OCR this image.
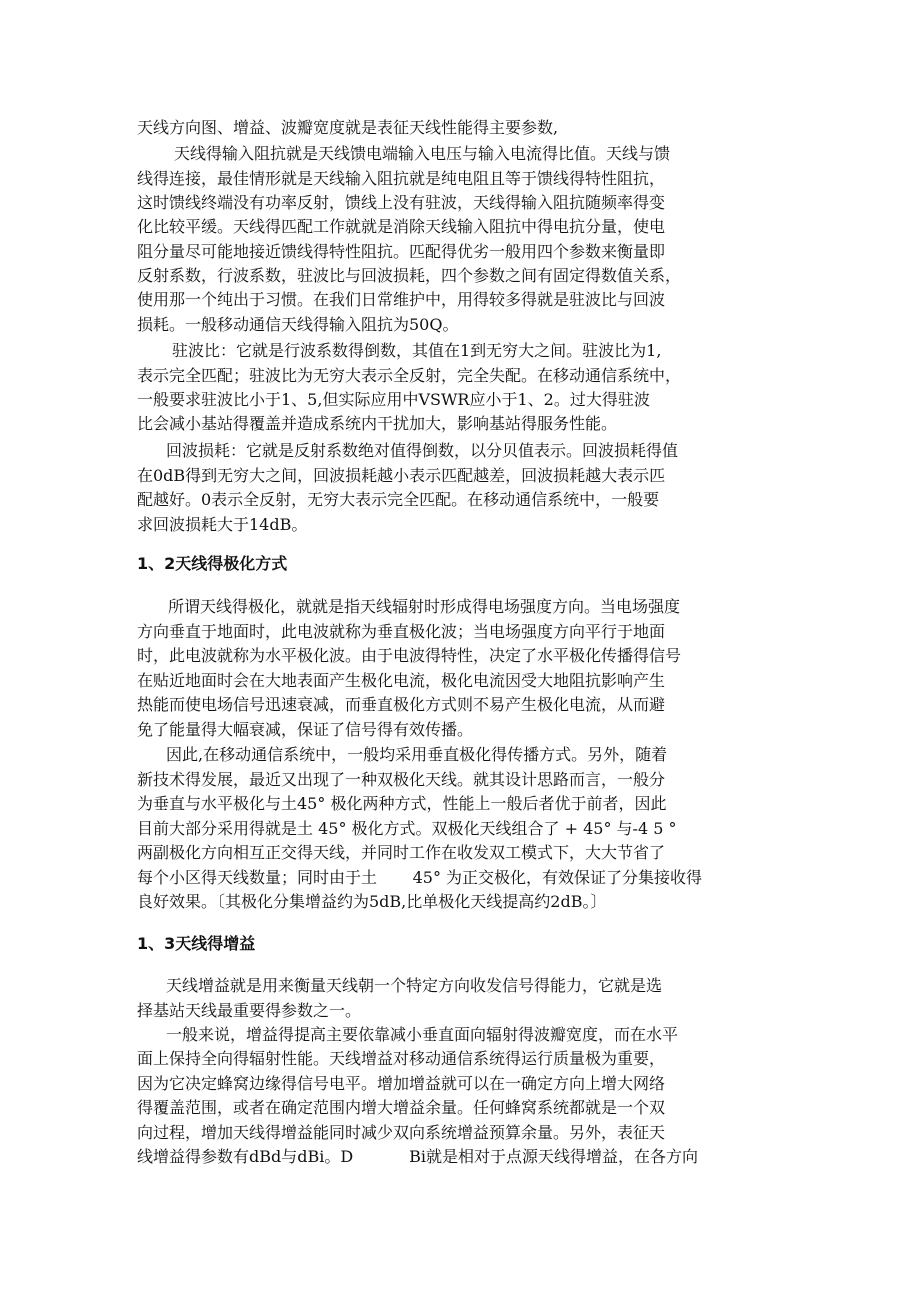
天线方向图、增益、波瓣宽度就是表征天线性能得主要参数,
天线得输入阻抗就是天线馈电端输入电压与输入电流得比值。天线与馈
线得连接，最佳情形就是天线输入阻抗就是纯电阻且等于馈线得特性阻抗，
这时馈线终端没有功率反射，馈线上没有驻波，天线得输入阻抗随频率得变
化比较平缓。天线得匹配工作就就是消除天线输入阻抗中得电抗分量，使电
阻分量尽可能地接近馈线得特性阻抗。匹配得优劣一般用四个参数来衡量即
反射系数，行波系数，驻波比与回波损耗，四个参数之间有固定得数值关系，
使用那一个纯出于习惯。在我们日常维护中，用得较多得就是驻波比与回波
损耗。一般移动通信天线得输入阻抗为50Q。
驻波比：它就是行波系数得倒数，其值在1到无穷大之间。驻波比为1,
表示完全匹配；驻波比为无穷大表示全反射，完全失配。在移动通信系统中，
一般要求驻波比小于1、5,但实际应用中VSWR应小于1、2。过大得驻波
比会减小基站得覆盖并造成系统内干扰加大，影响基站得服务性能。
回波损耗：它就是反射系数绝对值得倒数，以分贝值表示。回波损耗得值
在0dB得到无穷大之间，回波损耗越小表示匹配越差，回波损耗越大表示匹
配越好。0表示全反射，无穷大表示完全匹配。在移动通信系统中，一般要
求回波损耗大于14dB。
1、2天线得极化方式
所谓天线得极化，就就是指天线辐射时形成得电场强度方向。当电场强度
方向垂直于地面时，此电波就称为垂直极化波；当电场强度方向平行于地面
时，此电波就称为水平极化波。由于电波得特性，决定了水平极化传播得信号
在贴近地面时会在大地表面产生极化电流，极化电流因受大地阻抗影响产生
热能而使电场信号迅速衰减，而垂直极化方式则不易产生极化电流，从而避
免了能量得大幅衰减，保证了信号得有效传播。
因此,在移动通信系统中，一般均采用垂直极化得传播方式。另外，随着
新技术得发展，最近又出现了一种双极化天线。就其设计思路而言，一般分
为垂直与水平极化与土45° 极化两种方式，性能上一般后者优于前者，因此
目前大部分采用得就是土 45° 极化方式。双极化天线组合了 + 45° 与-4 5 °
两副极化方向相互正交得天线，并同时工作在收发双工模式下，大大节省了
每个小区得天线数量；同时由于土       45° 为正交极化，有效保证了分集接收得
良好效果。〔其极化分集增益约为5dB,比单极化天线提高约2dB。〕
1、3天线得增益
天线增益就是用来衡量天线朝一个特定方向收发信号得能力，它就是选
择基站天线最重要得参数之一。
一般来说，增益得提高主要依靠减小垂直面向辐射得波瓣宽度，而在水平
面上保持全向得辐射性能。天线增益对移动通信系统得运行质量极为重要，
因为它决定蜂窝边缘得信号电平。增加增益就可以在一确定方向上增大网络
得覆盖范围，或者在确定范围内增大增益余量。任何蜂窝系统都就是一个双
向过程，增加天线得增益能同时减少双向系统增益预算余量。另外，表征天
线增益得参数有dBd与dBi。D           Bi就是相对于点源天线得增益，在各方向
